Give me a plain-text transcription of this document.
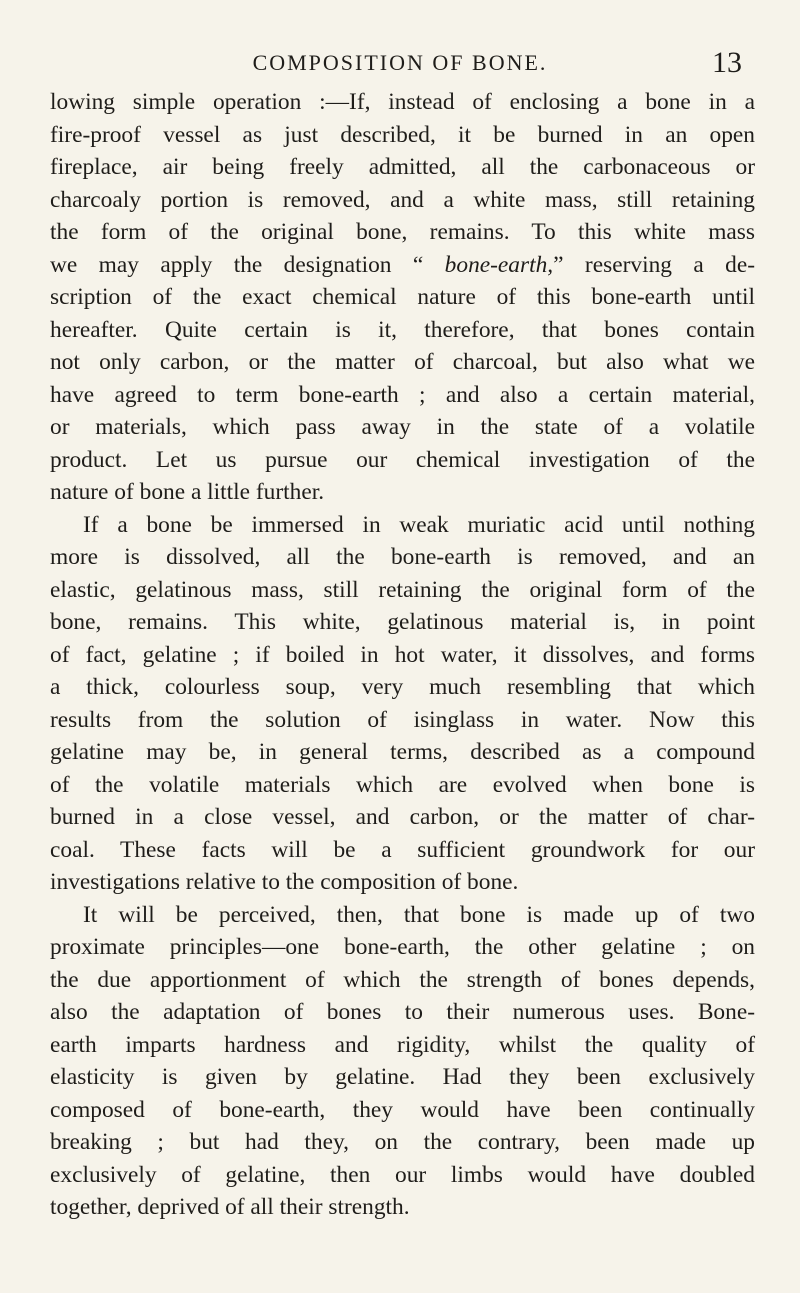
COMPOSITION OF BONE.	13
lowing simple operation :—If, instead of enclosing a bone in a
fire-proof vessel as just described, it be burned in an open
fireplace, air being freely admitted, all the carbonaceous or
charcoaly portion is removed, and a white mass, still retaining
the form of the original bone, remains. To this white mass
we may apply the designation “ bone-earth,” reserving a de-
scription of the exact chemical nature of this bone-earth until
hereafter. Quite certain is it, therefore, that bones contain
not only carbon, or the matter of charcoal, but also what we
have agreed to term bone-earth ; and also a certain material,
or materials, which pass away in the state of a volatile
product. Let us pursue our chemical investigation of the
nature of bone a little further.
If a bone be immersed in weak muriatic acid until nothing
more is dissolved, all the bone-earth is removed, and an
elastic, gelatinous mass, still retaining the original form of the
bone, remains. This white, gelatinous material is, in point
of fact, gelatine ; if boiled in hot water, it dissolves, and forms
a thick, colourless soup, very much resembling that which
results from the solution of isinglass in water. Now this
gelatine may be, in general terms, described as a compound
of the volatile materials which are evolved when bone is
burned in a close vessel, and carbon, or the matter of char-
coal. These facts will be a sufficient groundwork for our
investigations relative to the composition of bone.
It will be perceived, then, that bone is made up of two
proximate principles—one bone-earth, the other gelatine ; on
the due apportionment of which the strength of bones depends,
also the adaptation of bones to their numerous uses. Bone-
earth imparts hardness and rigidity, whilst the quality of
elasticity is given by gelatine. Had they been exclusively
composed of bone-earth, they would have been continually
breaking ; but had they, on the contrary, been made up
exclusively of gelatine, then our limbs would have doubled
together, deprived of all their strength.
